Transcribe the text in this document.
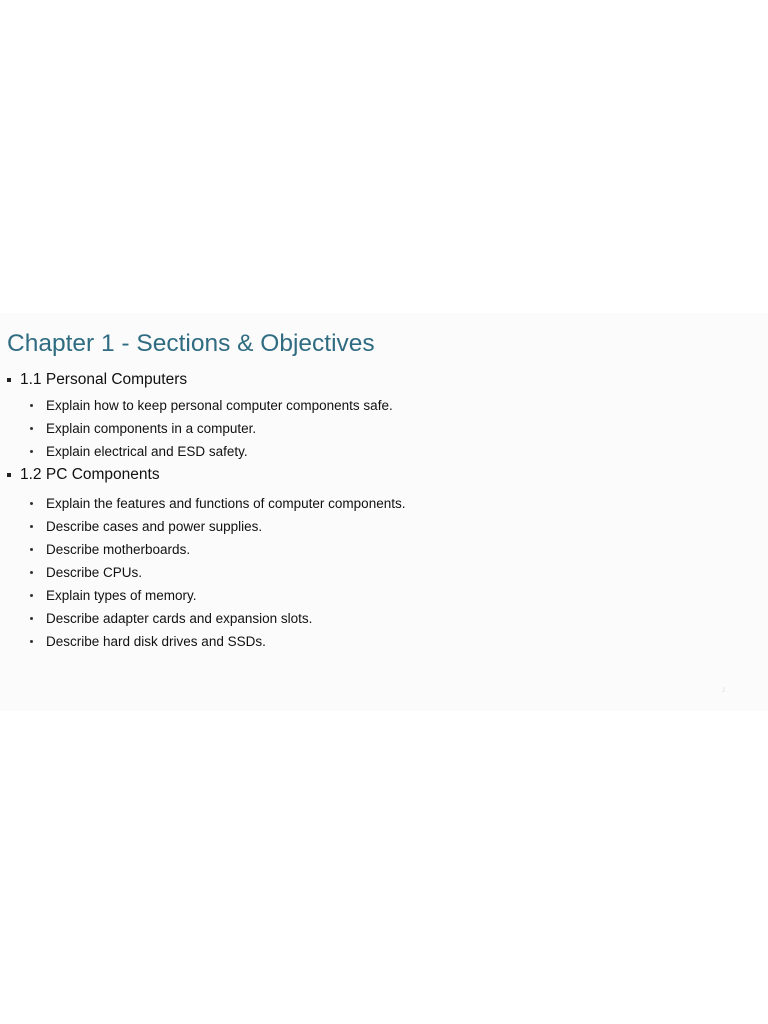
Chapter 1 - Sections & Objectives
1.1 Personal Computers
Explain how to keep personal computer components safe.
Explain components in a computer.
Explain electrical and ESD safety.
1.2 PC Components
Explain the features and functions of computer components.
Describe cases and power supplies.
Describe motherboards.
Describe CPUs.
Explain types of memory.
Describe adapter cards and expansion slots.
Describe hard disk drives and SSDs.
2
